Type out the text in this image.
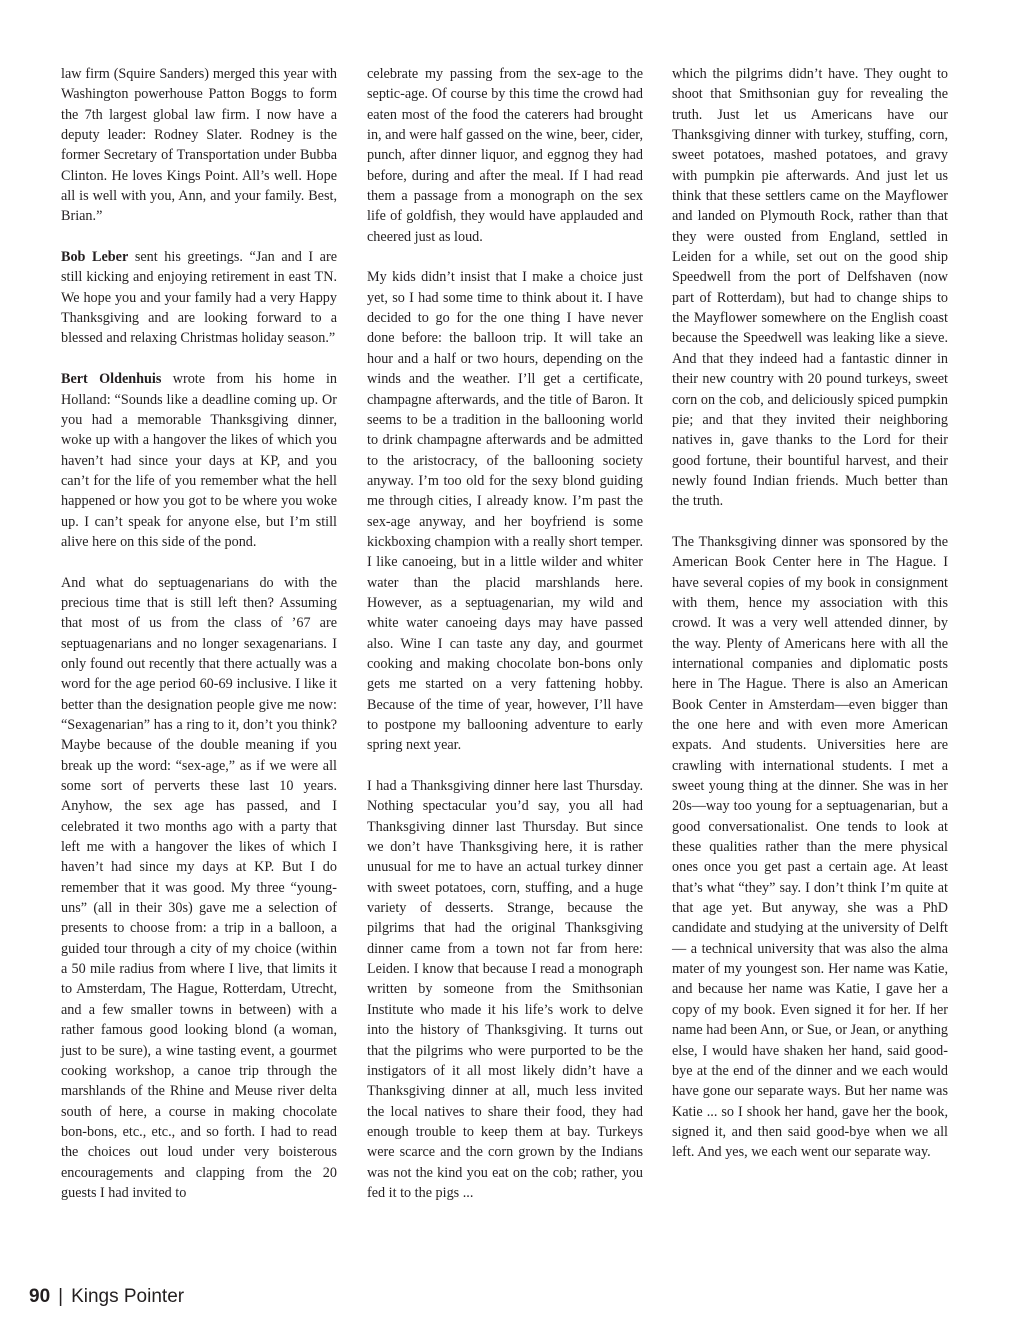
law firm (Squire Sanders) merged this year with Washington powerhouse Patton Boggs to form the 7th largest global law firm. I now have a deputy leader: Rodney Slater. Rodney is the former Secretary of Transportation under Bubba Clinton. He loves Kings Point. All’s well. Hope all is well with you, Ann, and your family. Best, Brian.”

Bob Leber sent his greetings. “Jan and I are still kicking and enjoying retirement in east TN. We hope you and your family had a very Happy Thanksgiving and are looking forward to a blessed and relaxing Christmas holiday season.”

Bert Oldenhuis wrote from his home in Holland: “Sounds like a deadline coming up. Or you had a memorable Thanksgiving dinner, woke up with a hangover the likes of which you haven’t had since your days at KP, and you can’t for the life of you remember what the hell happened or how you got to be where you woke up. I can’t speak for anyone else, but I’m still alive here on this side of the pond.

And what do septuagenarians do with the precious time that is still left then? Assuming that most of us from the class of ’67 are septuagenarians and no longer sexagenarians. I only found out recently that there actually was a word for the age period 60-69 inclusive. I like it better than the designation people give me now: “Sexagenarian” has a ring to it, don’t you think? Maybe because of the double meaning if you break up the word: “sex-age,” as if we were all some sort of perverts these last 10 years. Anyhow, the sex age has passed, and I celebrated it two months ago with a party that left me with a hangover the likes of which I haven’t had since my days at KP. But I do remember that it was good. My three “young-uns” (all in their 30s) gave me a selection of presents to choose from: a trip in a balloon, a guided tour through a city of my choice (within a 50 mile radius from where I live, that limits it to Amsterdam, The Hague, Rotterdam, Utrecht, and a few smaller towns in between) with a rather famous good looking blond (a woman, just to be sure), a wine tasting event, a gourmet cooking workshop, a canoe trip through the marshlands of the Rhine and Meuse river delta south of here, a course in making chocolate bon-bons, etc., etc., and so forth. I had to read the choices out loud under very boisterous encouragements and clapping from the 20 guests I had invited to

celebrate my passing from the sex-age to the septic-age. Of course by this time the crowd had eaten most of the food the caterers had brought in, and were half gassed on the wine, beer, cider, punch, after dinner liquor, and eggnog they had before, during and after the meal. If I had read them a passage from a monograph on the sex life of goldfish, they would have applauded and cheered just as loud.

My kids didn’t insist that I make a choice just yet, so I had some time to think about it. I have decided to go for the one thing I have never done before: the balloon trip. It will take an hour and a half or two hours, depending on the winds and the weather. I’ll get a certificate, champagne afterwards, and the title of Baron. It seems to be a tradition in the ballooning world to drink champagne afterwards and be admitted to the aristocracy, of the ballooning society anyway. I’m too old for the sexy blond guiding me through cities, I already know. I’m past the sex-age anyway, and her boyfriend is some kickboxing champion with a really short temper. I like canoeing, but in a little wilder and whiter water than the placid marshlands here. However, as a septuagenarian, my wild and white water canoeing days may have passed also. Wine I can taste any day, and gourmet cooking and making chocolate bon-bons only gets me started on a very fattening hobby. Because of the time of year, however, I’ll have to postpone my ballooning adventure to early spring next year.

I had a Thanksgiving dinner here last Thursday. Nothing spectacular you’d say, you all had Thanksgiving dinner last Thursday. But since we don’t have Thanksgiving here, it is rather unusual for me to have an actual turkey dinner with sweet potatoes, corn, stuffing, and a huge variety of desserts. Strange, because the pilgrims that had the original Thanksgiving dinner came from a town not far from here: Leiden. I know that because I read a monograph written by someone from the Smithsonian Institute who made it his life’s work to delve into the history of Thanksgiving. It turns out that the pilgrims who were purported to be the instigators of it all most likely didn’t have a Thanksgiving dinner at all, much less invited the local natives to share their food, they had enough trouble to keep them at bay. Turkeys were scarce and the corn grown by the Indians was not the kind you eat on the cob; rather, you fed it to the pigs ...

which the pilgrims didn’t have. They ought to shoot that Smithsonian guy for revealing the truth. Just let us Americans have our Thanksgiving dinner with turkey, stuffing, corn, sweet potatoes, mashed potatoes, and gravy with pumpkin pie afterwards. And just let us think that these settlers came on the Mayflower and landed on Plymouth Rock, rather than that they were ousted from England, settled in Leiden for a while, set out on the good ship Speedwell from the port of Delfshaven (now part of Rotterdam), but had to change ships to the Mayflower somewhere on the English coast because the Speedwell was leaking like a sieve. And that they indeed had a fantastic dinner in their new country with 20 pound turkeys, sweet corn on the cob, and deliciously spiced pumpkin pie; and that they invited their neighboring natives in, gave thanks to the Lord for their good fortune, their bountiful harvest, and their newly found Indian friends. Much better than the truth.

The Thanksgiving dinner was sponsored by the American Book Center here in The Hague. I have several copies of my book in consignment with them, hence my association with this crowd. It was a very well attended dinner, by the way. Plenty of Americans here with all the international companies and diplomatic posts here in The Hague. There is also an American Book Center in Amsterdam—even bigger than the one here and with even more American expats. And students. Universities here are crawling with international students. I met a sweet young thing at the dinner. She was in her 20s—way too young for a septuagenarian, but a good conversationalist. One tends to look at these qualities rather than the mere physical ones once you get past a certain age. At least that’s what “they” say. I don’t think I’m quite at that age yet. But anyway, she was a PhD candidate and studying at the university of Delft— a technical university that was also the alma mater of my youngest son. Her name was Katie, and because her name was Katie, I gave her a copy of my book. Even signed it for her. If her name had been Ann, or Sue, or Jean, or anything else, I would have shaken her hand, said good-bye at the end of the dinner and we each would have gone our separate ways. But her name was Katie ... so I shook her hand, gave her the book, signed it, and then said good-bye when we all left. And yes, we each went our separate way.

90 | Kings Pointer
